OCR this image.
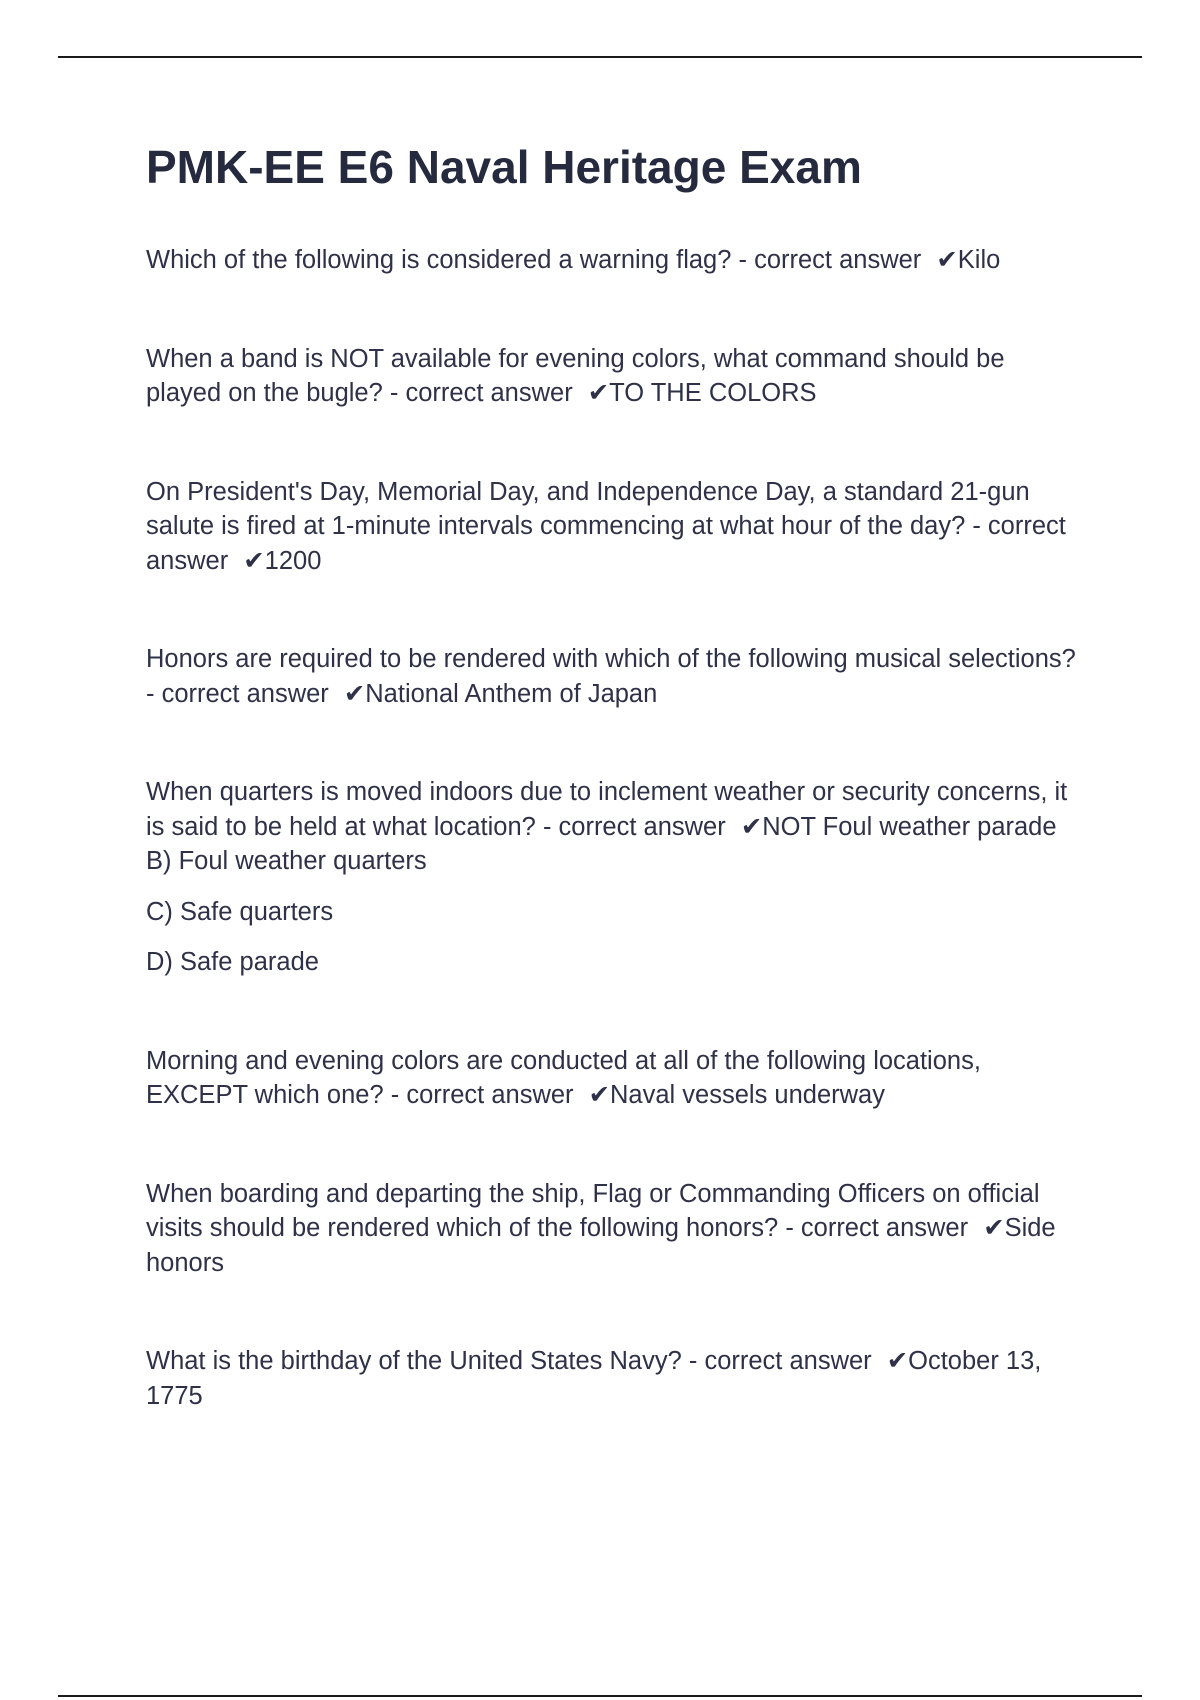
PMK-EE E6 Naval Heritage Exam

Which of the following is considered a warning flag? - correct answer ✔Kilo

When a band is NOT available for evening colors, what command should be played on the bugle? - correct answer ✔TO THE COLORS

On President's Day, Memorial Day, and Independence Day, a standard 21-gun salute is fired at 1-minute intervals commencing at what hour of the day? - correct answer ✔1200

Honors are required to be rendered with which of the following musical selections? - correct answer ✔National Anthem of Japan

When quarters is moved indoors due to inclement weather or security concerns, it is said to be held at what location? - correct answer ✔NOT Foul weather parade B) Foul weather quarters

C) Safe quarters

D) Safe parade

Morning and evening colors are conducted at all of the following locations, EXCEPT which one? - correct answer ✔Naval vessels underway

When boarding and departing the ship, Flag or Commanding Officers on official visits should be rendered which of the following honors? - correct answer ✔Side honors

What is the birthday of the United States Navy? - correct answer ✔October 13, 1775
